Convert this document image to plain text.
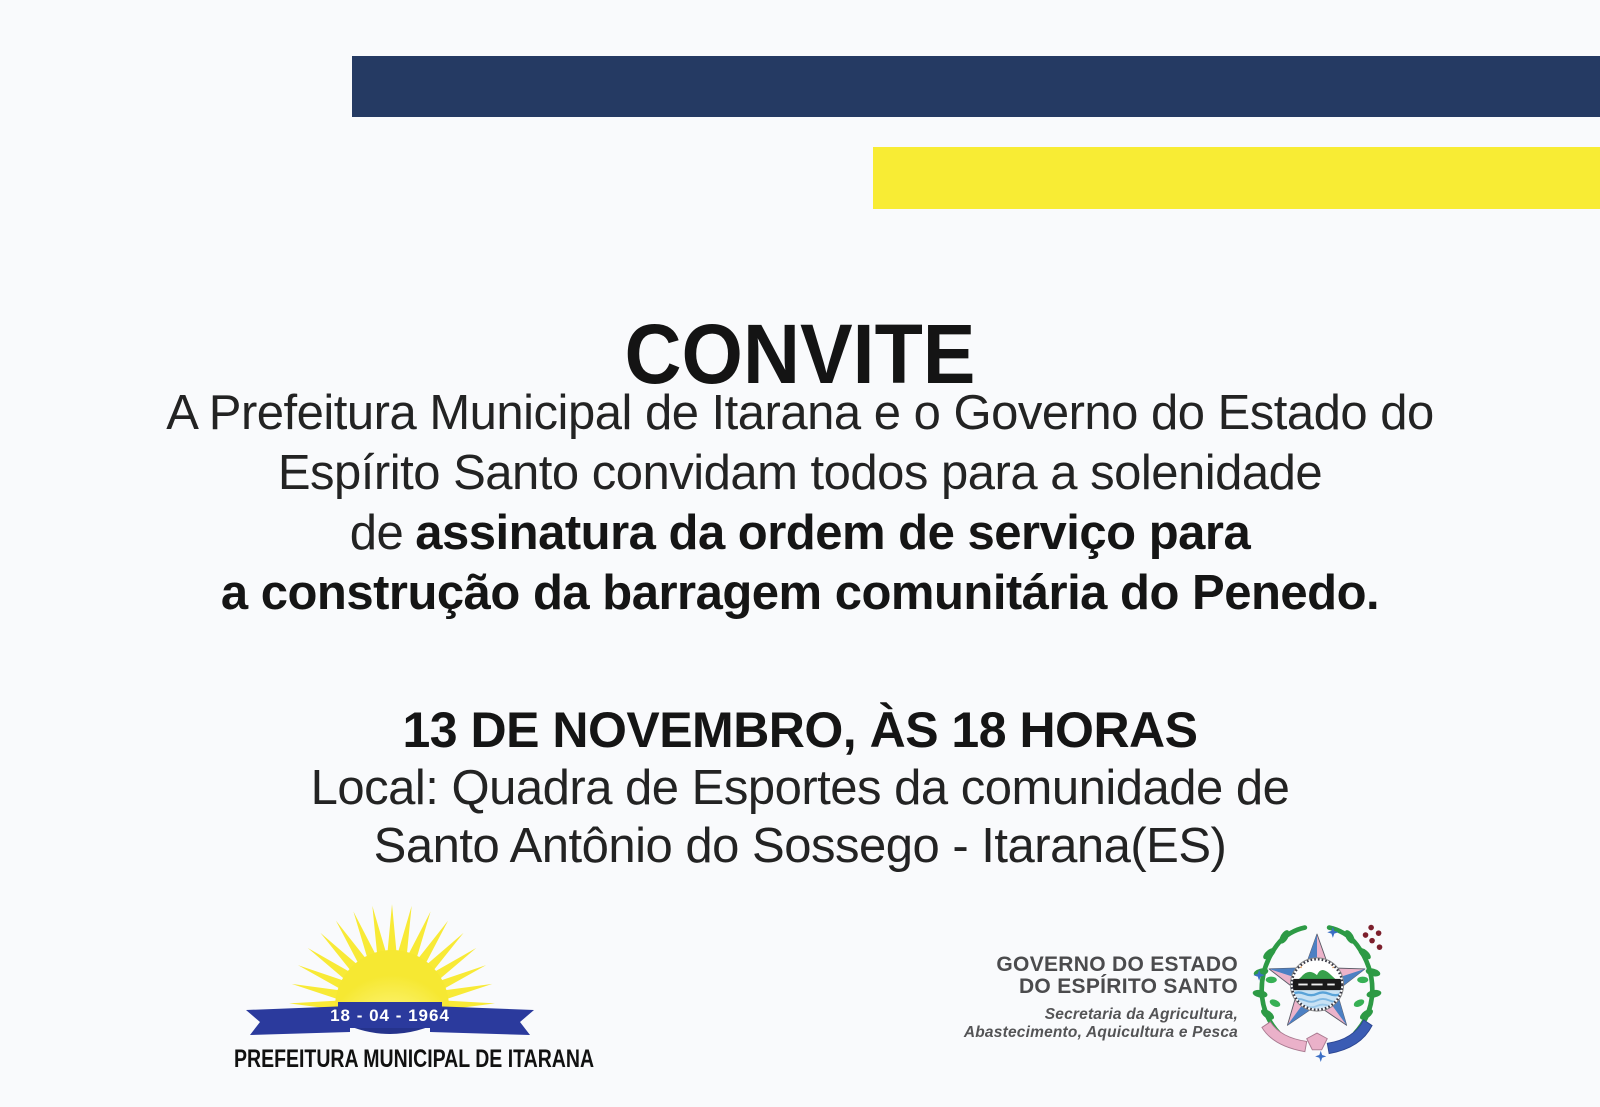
CONVITE
A Prefeitura Municipal de Itarana e o Governo do Estado do
Espírito Santo convidam todos para a solenidade
de assinatura da ordem de serviço para
a construção da barragem comunitária do Penedo.
13 DE NOVEMBRO, ÀS 18 HORAS
Local: Quadra de Esportes da comunidade de
Santo Antônio do Sossego - Itarana(ES)
18 - 04 - 1964
PREFEITURA MUNICIPAL DE ITARANA
GOVERNO DO ESTADO
DO ESPÍRITO SANTO
Secretaria da Agricultura,
Abastecimento, Aquicultura e Pesca
